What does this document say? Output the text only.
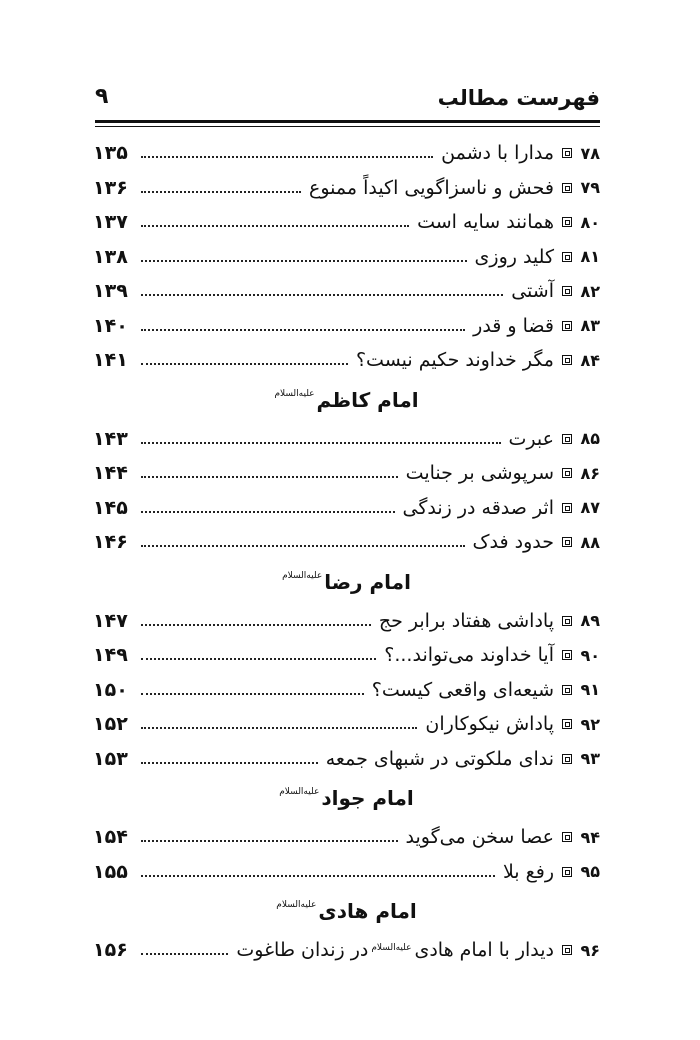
فهرست مطالب
۹
۷۸
مدارا با دشمن
۱۳۵
۷۹
فحش و ناسزاگویی اکیداً ممنوع
۱۳۶
۸۰
همانند سایه است
۱۳۷
۸۱
کلید روزی
۱۳۸
۸۲
آشتی
۱۳۹
۸۳
قضا و قدر
۱۴۰
۸۴
مگر خداوند حکیم نیست؟
۱۴۱
امام کاظم
علیه‌السلام
۸۵
عبرت
۱۴۳
۸۶
سرپوشی بر جنایت
۱۴۴
۸۷
اثر صدقه در زندگی
۱۴۵
۸۸
حدود فدک
۱۴۶
امام رضا
علیه‌السلام
۸۹
پاداشی هفتاد برابر حج
۱۴۷
۹۰
آیا خداوند می‌تواند...؟
۱۴۹
۹۱
شیعه‌ای واقعی کیست؟
۱۵۰
۹۲
پاداش نیکوکاران
۱۵۲
۹۳
ندای ملکوتی در شبهای جمعه
۱۵۳
امام جواد
علیه‌السلام
۹۴
عصا سخن می‌گوید
۱۵۴
۹۵
رفع بلا
۱۵۵
امام هادی
علیه‌السلام
۹۶
دیدار با امام هادیعلیه‌السلامدر زندان طاغوت
۱۵۶
